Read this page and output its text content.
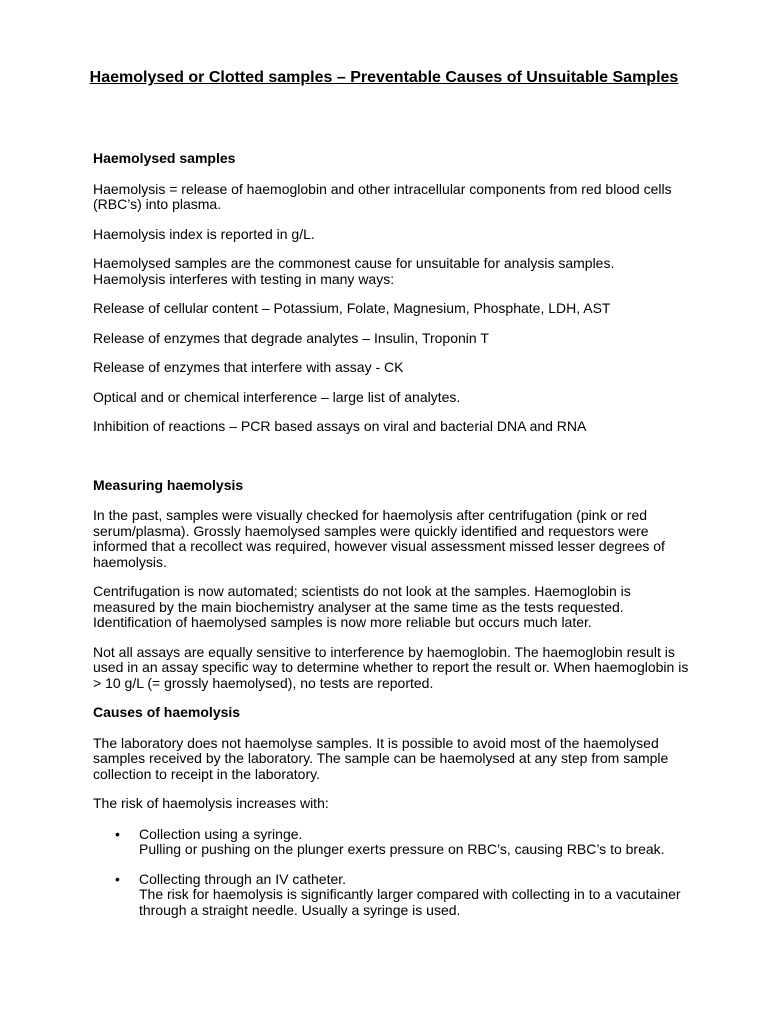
Haemolysed or Clotted samples – Preventable Causes of Unsuitable Samples
Haemolysed samples

Haemolysis = release of haemoglobin and other intracellular components from red blood cells (RBC’s) into plasma.

Haemolysis index is reported in g/L.

Haemolysed samples are the commonest cause for unsuitable for analysis samples. Haemolysis interferes with testing in many ways:

Release of cellular content – Potassium, Folate, Magnesium, Phosphate, LDH, AST

Release of enzymes that degrade analytes – Insulin, Troponin T

Release of enzymes that interfere with assay - CK

Optical and or chemical interference – large list of analytes.

Inhibition of reactions – PCR based assays on viral and bacterial DNA and RNA

Measuring haemolysis

In the past, samples were visually checked for haemolysis after centrifugation (pink or red serum/plasma). Grossly haemolysed samples were quickly identified and requestors were informed that a recollect was required, however visual assessment missed lesser degrees of haemolysis.

Centrifugation is now automated; scientists do not look at the samples. Haemoglobin is measured by the main biochemistry analyser at the same time as the tests requested. Identification of haemolysed samples is now more reliable but occurs much later.

Not all assays are equally sensitive to interference by haemoglobin. The haemoglobin result is used in an assay specific way to determine whether to report the result or. When haemoglobin is > 10 g/L (= grossly haemolysed), no tests are reported.

Causes of haemolysis

The laboratory does not haemolyse samples. It is possible to avoid most of the haemolysed samples received by the laboratory. The sample can be haemolysed at any step from sample collection to receipt in the laboratory.

The risk of haemolysis increases with:

• Collection using a syringe.

Pulling or pushing on the plunger exerts pressure on RBC’s, causing RBC’s to break.

• Collecting through an IV catheter.

The risk for haemolysis is significantly larger compared with collecting in to a vacutainer through a straight needle. Usually a syringe is used.
